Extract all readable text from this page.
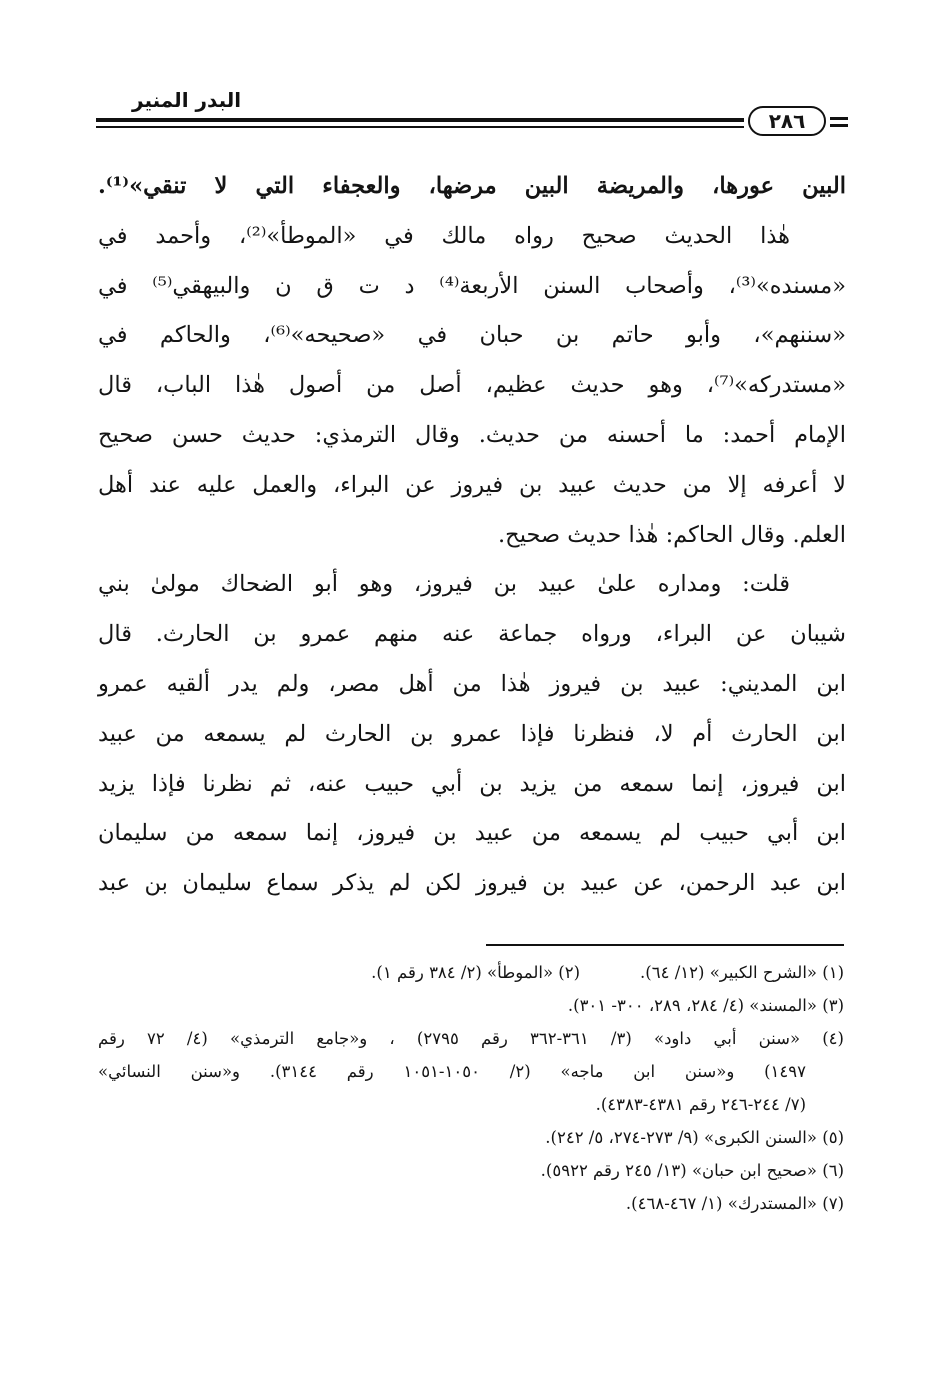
البدر المنير
٢٨٦
البين عورها، والمريضة البين مرضها، والعجفاء التي لا تنقي»⁽¹⁾.
هٰذا الحديث صحيح رواه مالك في «الموطأ»⁽²⁾، وأحمد في
«مسنده»⁽³⁾، وأصحاب السنن الأربعة⁽⁴⁾ د ت ق ن والبيهقي⁽⁵⁾ في
«سننهم»، وأبو حاتم بن حبان في «صحيحه»⁽⁶⁾، والحاكم في
«مستدركه»⁽⁷⁾، وهو حديث عظيم، أصل من أصول هٰذا الباب، قال
الإمام أحمد: ما أحسنه من حديث. وقال الترمذي: حديث حسن صحيح
لا أعرفه إلا من حديث عبيد بن فيروز عن البراء، والعمل عليه عند أهل
العلم. وقال الحاكم: هٰذا حديث صحيح.
قلت: ومداره علىٰ عبيد بن فيروز، وهو أبو الضحاك مولىٰ بني
شيبان عن البراء، ورواه جماعة عنه منهم عمرو بن الحارث. قال
ابن المديني: عبيد بن فيروز هٰذا من أهل مصر، ولم يدر ألقيه عمرو
ابن الحارث أم لا، فنظرنا فإذا عمرو بن الحارث لم يسمعه من عبيد
ابن فيروز، إنما سمعه من يزيد بن أبي حبيب عنه، ثم نظرنا فإذا يزيد
ابن أبي حبيب لم يسمعه من عبيد بن فيروز، إنما سمعه من سليمان
ابن عبد الرحمن، عن عبيد بن فيروز لكن لم يذكر سماع سليمان بن عبد
(١) «الشرح الكبير» (١٢/ ٦٤).
(٢) «الموطأ» (٢/ ٣٨٤ رقم ١).
(٣) «المسند» (٤/ ٢٨٤، ٢٨٩، ٣٠٠- ٣٠١).
(٤) «سنن أبي داود» (٣/ ٣٦١-٣٦٢ رقم ٢٧٩٥) ، و«جامع الترمذي» (٤/ ٧٢ رقم
١٤٩٧) و«سنن ابن ماجه» (٢/ ١٠٥٠-١٠٥١ رقم ٣١٤٤). و«سنن النسائي»
(٧/ ٢٤٤-٢٤٦ رقم ٤٣٨١-٤٣٨٣).
(٥) «السنن الكبرى» (٩/ ٢٧٣-٢٧٤، ٥/ ٢٤٢).
(٦) «صحيح ابن حبان» (١٣/ ٢٤٥ رقم ٥٩٢٢).
(٧) «المستدرك» (١/ ٤٦٧-٤٦٨).
